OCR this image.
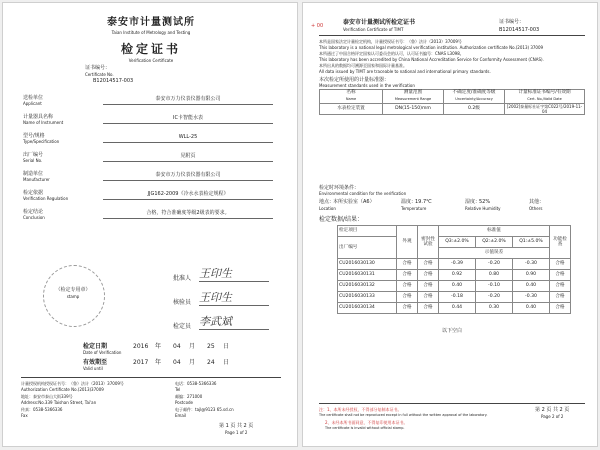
泰安市计量测试所
Taian Institute of Metrology and Testing
检定证书
Verification Certificate
证书编号：
Certificate No.
B12014517-003
送检单位
Applicant
泰安市万力仪表仪器有限公司
计量器具名称
Name of Instrument
IC卡智能水表
型号/规格
Type/Specification
WLL-25
出厂编号
Serial No.
见附页
制造单位
Manufacturer
泰安市万力仪表仪器有限公司
检定依据
Verification Regulation
JJG162-2009《冷水水表检定规程》
检定结论
Conclusion
合格，符合准确度等级2级表的要求。
（检定专用章）
stamp
批准人 王印生
核验员 王印生
检定员 李武斌
检定日期
Date of Verification
2016 年 04 月 25 日
有效期至
Valid until
2017 年 04 月 24 日
计量授权机构授权证书号：（鲁）法计（2013）37009号
Authorization Certificate No.(2013)37009
电话：0538-5366336
Tel
地址：泰安市泰山大街339号
Address:No.339 Taishan Street, Tai'an
邮编：271000
Postcode
传真：0538-5366336
Fax
电子邮件：tajl@9123 65.sd.cn
Email
第 1 页 共 2 页
Page 1 of 2
+ 00	泰安市计量测试所检定证书
Verification Certificate of TIMT
证书编号：
B12014517-003
本所是国家法定计量检定机构，计量授权证书号：（鲁）法计（2013）37009号
This laboratory is a national legal metrological verification institution. Authorization certificate No.(2013) 37009
本所通过了中国合格评定国家认可委员会的认可，认可证书编号：CNAS L3098。
This laboratory has been accredited by China National Accreditation Service for Conformity Assessment (CNAS).
本所出具的数据均可溯源至国家和国际计量基准。
All data issued by TIMT are traceable to national and international primary standards.
本次检定所使用的计量标准器：
Measurement standards used in the verification
名称
Name	测量范围
Measurement Range	不确定度/准确度等级
Uncertainty/Accuracy	计量标准证书编号/有效期
Cert. No./Valid Date
水表检定装置	DN(15-150)mm	0.2级	[2002]泰量标社证字第C022号/2019-11-04
检定时环境条件：
Environmental condition for the verification
地点：
本所实验室（A6）
Location
温度：
19.7℃
Temperature
湿度：
52%
Relative Humidity
其他：
Others
检定数据/结果：
检定项目	外观	密封性试验	标准值			功能检查
出厂编号			Q3:±2.0%	Q2:±2.0%	Q1:±5.0%	
			示值误差			
CU2016030130	合格	合格	-0.39	-0.20	-0.30	合格
CU2016030131	合格	合格	0.92	0.80	0.90	合格
CU2016030132	合格	合格	0.40	-0.10	0.40	合格
CU2016030133	合格	合格	-0.18	-0.20	-0.30	合格
CU2016030134	合格	合格	0.44	0.30	0.40	合格
以下空白
注：1、本所未经授权，不得部分复制本证书。
The certificate shall not be reproduced except in full without the written approval of the laboratory.
2、未经本所书面同意，不得复印使用本证书。
The certificate is invalid without official stamp.
第 2 页 共 2 页
Page 2 of 2
